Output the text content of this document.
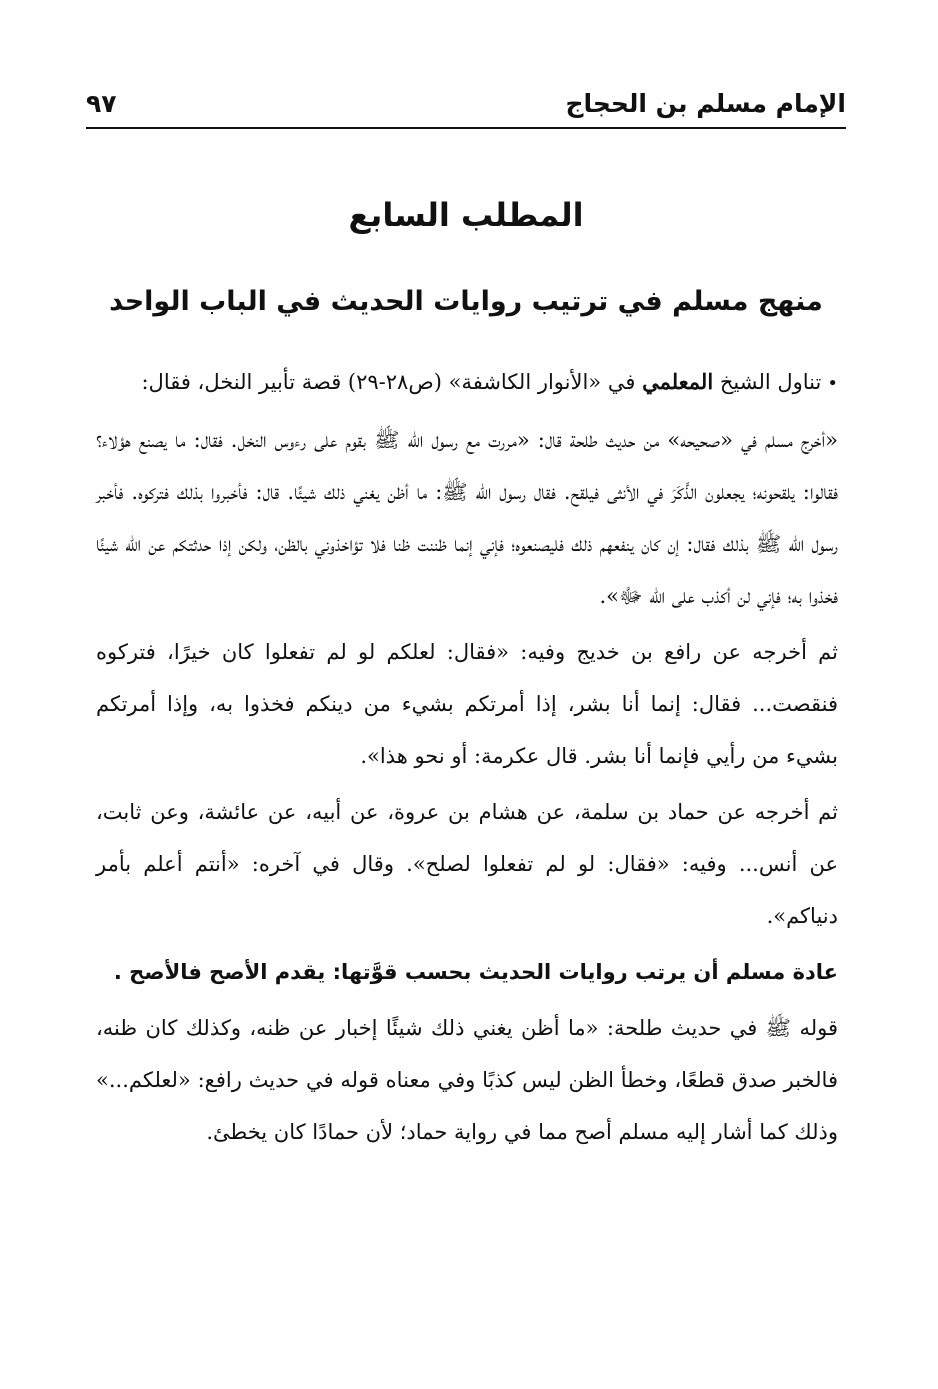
الإمام مسلم بن الحجاج
٩٧
المطلب السابع
منهج مسلم في ترتيب روايات الحديث في الباب الواحد

•تناول الشيخ المعلمي في «الأنوار الكاشفة» (ص٢٨-٢٩) قصة تأبير النخل، فقال:

«أخرج مسلم في «صحيحه» من حديث طلحة قال: «مررت مع رسول الله ﷺ بقوم على رءوس النخل. فقال: ما يصنع هؤلاء؟ فقالوا: يلقحونه؛ يجعلون الذَّكَرَ في الأنثى فيلقح. فقال رسول الله ﷺ: ما أظن يغني ذلك شيئًا. قال: فأخبروا بذلك فتركوه. فأخبر رسول الله ﷺ بذلك فقال: إن كان ينفعهم ذلك فليصنعوه؛ فإني إنما ظننت ظنا فلا تؤاخذوني بالظن، ولكن إذا حدثتكم عن الله شيئًا فخذوا به؛ فإني لن أكذب على الله ﷻ».

ثم أخرجه عن رافع بن خديج وفيه: «فقال: لعلكم لو لم تفعلوا كان خيرًا، فتركوه فنقصت... فقال: إنما أنا بشر، إذا أمرتكم بشيء من دينكم فخذوا به، وإذا أمرتكم بشيء من رأيي فإنما أنا بشر. قال عكرمة: أو نحو هذا».

ثم أخرجه عن حماد بن سلمة، عن هشام بن عروة، عن أبيه، عن عائشة، وعن ثابت، عن أنس... وفيه: «فقال: لو لم تفعلوا لصلح». وقال في آخره: «أنتم أعلم بأمر دنياكم».

عادة مسلم أن يرتب روايات الحديث بحسب قوَّتها: يقدم الأصح فالأصح .

قوله ﷺ في حديث طلحة: «ما أظن يغني ذلك شيئًا إخبار عن ظنه، وكذلك كان ظنه، فالخبر صدق قطعًا، وخطأ الظن ليس كذبًا وفي معناه قوله في حديث رافع: «لعلكم...» وذلك كما أشار إليه مسلم أصح مما في رواية حماد؛ لأن حمادًا كان يخطئ.
